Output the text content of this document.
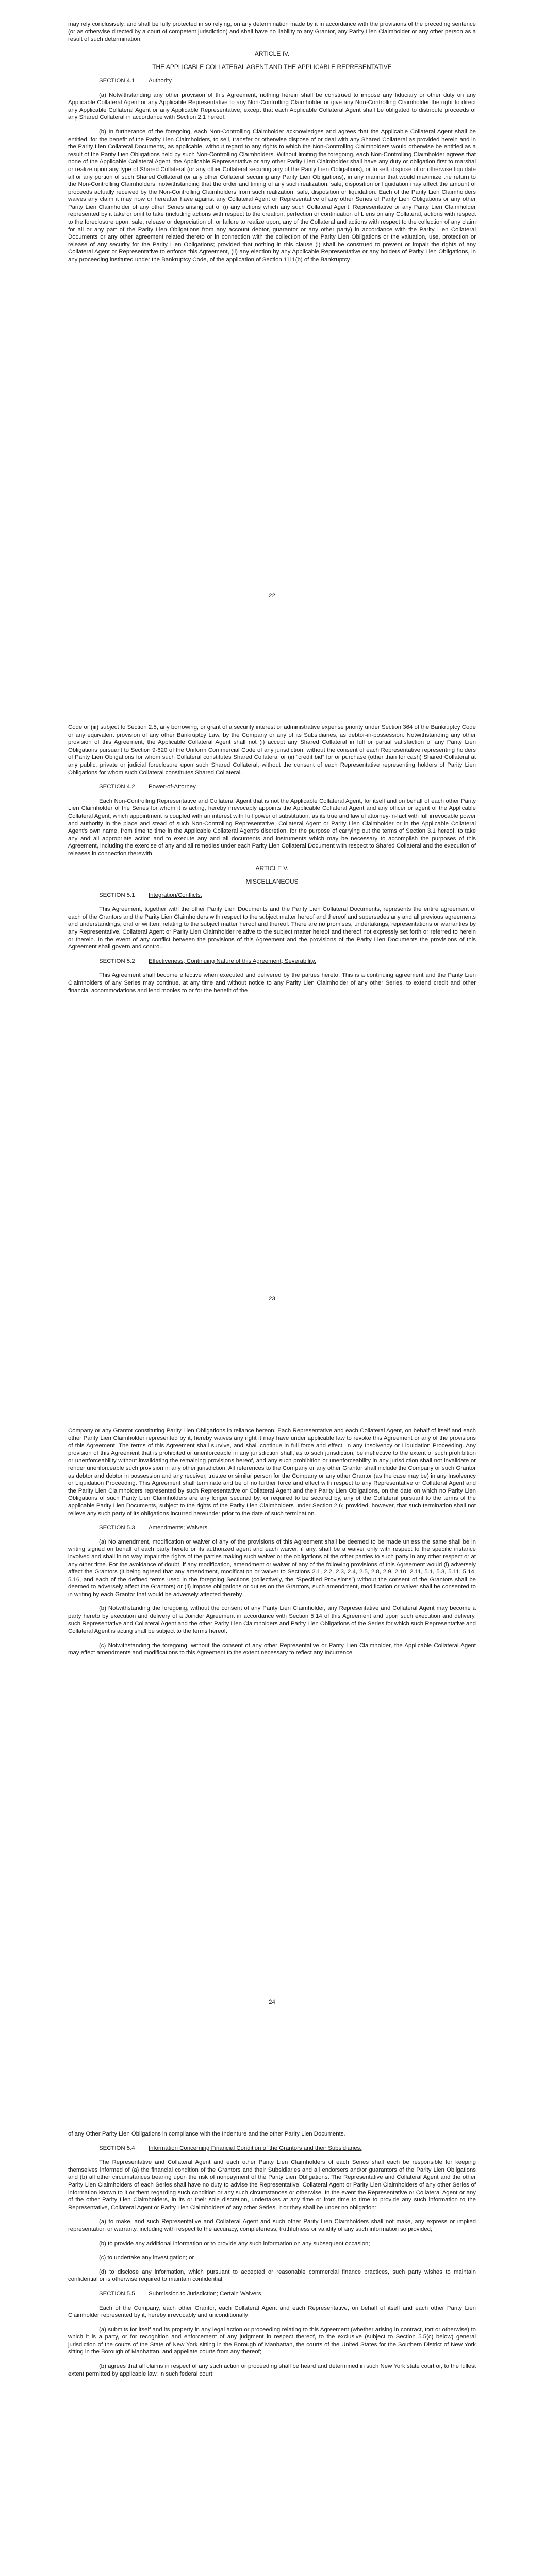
may rely conclusively, and shall be fully protected in so relying, on any determination made by it in accordance with the provisions of the preceding sentence (or as otherwise directed by a court of competent jurisdiction) and shall have no liability to any Grantor, any Parity Lien Claimholder or any other person as a result of such determination.

ARTICLE IV.
THE APPLICABLE COLLATERAL AGENT AND THE APPLICABLE REPRESENTATIVE
SECTION 4.1	Authority.

(a) Notwithstanding any other provision of this Agreement, nothing herein shall be construed to impose any fiduciary or other duty on any Applicable Collateral Agent or any Applicable Representative to any Non-Controlling Claimholder or give any Non-Controlling Claimholder the right to direct any Applicable Collateral Agent or any Applicable Representative, except that each Applicable Collateral Agent shall be obligated to distribute proceeds of any Shared Collateral in accordance with Section 2.1 hereof.

(b) In furtherance of the foregoing, each Non-Controlling Claimholder acknowledges and agrees that the Applicable Collateral Agent shall be entitled, for the benefit of the Parity Lien Claimholders, to sell, transfer or otherwise dispose of or deal with any Shared Collateral as provided herein and in the Parity Lien Collateral Documents, as applicable, without regard to any rights to which the Non-Controlling Claimholders would otherwise be entitled as a result of the Parity Lien Obligations held by such Non-Controlling Claimholders. Without limiting the foregoing, each Non-Controlling Claimholder agrees that none of the Applicable Collateral Agent, the Applicable Representative or any other Parity Lien Claimholder shall have any duty or obligation first to marshal or realize upon any type of Shared Collateral (or any other Collateral securing any of the Parity Lien Obligations), or to sell, dispose of or otherwise liquidate all or any portion of such Shared Collateral (or any other Collateral securing any Parity Lien Obligations), in any manner that would maximize the return to the Non-Controlling Claimholders, notwithstanding that the order and timing of any such realization, sale, disposition or liquidation may affect the amount of proceeds actually received by the Non-Controlling Claimholders from such realization, sale, disposition or liquidation. Each of the Parity Lien Claimholders waives any claim it may now or hereafter have against any Collateral Agent or Representative of any other Series of Parity Lien Obligations or any other Parity Lien Claimholder of any other Series arising out of (i) any actions which any such Collateral Agent, Representative or any Parity Lien Claimholder represented by it take or omit to take (including actions with respect to the creation, perfection or continuation of Liens on any Collateral, actions with respect to the foreclosure upon, sale, release or depreciation of, or failure to realize upon, any of the Collateral and actions with respect to the collection of any claim for all or any part of the Parity Lien Obligations from any account debtor, guarantor or any other party) in accordance with the Parity Lien Collateral Documents or any other agreement related thereto or in connection with the collection of the Parity Lien Obligations or the valuation, use, protection or release of any security for the Parity Lien Obligations; provided that nothing in this clause (i) shall be construed to prevent or impair the rights of any Collateral Agent or Representative to enforce this Agreement, (ii) any election by any Applicable Representative or any holders of Parity Lien Obligations, in any proceeding instituted under the Bankruptcy Code, of the application of Section 1111(b) of the Bankruptcy

22

Code or (iii) subject to Section 2.5, any borrowing, or grant of a security interest or administrative expense priority under Section 364 of the Bankruptcy Code or any equivalent provision of any other Bankruptcy Law, by the Company or any of its Subsidiaries, as debtor-in-possession. Notwithstanding any other provision of this Agreement, the Applicable Collateral Agent shall not (i) accept any Shared Collateral in full or partial satisfaction of any Parity Lien Obligations pursuant to Section 9-620 of the Uniform Commercial Code of any jurisdiction, without the consent of each Representative representing holders of Parity Lien Obligations for whom such Collateral constitutes Shared Collateral or (ii) “credit bid” for or purchase (other than for cash) Shared Collateral at any public, private or judicial foreclosure upon such Shared Collateral, without the consent of each Representative representing holders of Parity Lien Obligations for whom such Collateral constitutes Shared Collateral.

SECTION 4.2	Power-of-Attorney.

Each Non-Controlling Representative and Collateral Agent that is not the Applicable Collateral Agent, for itself and on behalf of each other Parity Lien Claimholder of the Series for whom it is acting, hereby irrevocably appoints the Applicable Collateral Agent and any officer or agent of the Applicable Collateral Agent, which appointment is coupled with an interest with full power of substitution, as its true and lawful attorney-in-fact with full irrevocable power and authority in the place and stead of such Non-Controlling Representative, Collateral Agent or Parity Lien Claimholder or in the Applicable Collateral Agent’s own name, from time to time in the Applicable Collateral Agent’s discretion, for the purpose of carrying out the terms of Section 3.1 hereof, to take any and all appropriate action and to execute any and all documents and instruments which may be necessary to accomplish the purposes of this Agreement, including the exercise of any and all remedies under each Parity Lien Collateral Document with respect to Shared Collateral and the execution of releases in connection therewith.

ARTICLE V.
MISCELLANEOUS
SECTION 5.1	Integration/Conflicts.

This Agreement, together with the other Parity Lien Documents and the Parity Lien Collateral Documents, represents the entire agreement of each of the Grantors and the Parity Lien Claimholders with respect to the subject matter hereof and thereof and supersedes any and all previous agreements and understandings, oral or written, relating to the subject matter hereof and thereof. There are no promises, undertakings, representations or warranties by any Representative, Collateral Agent or Parity Lien Claimholder relative to the subject matter hereof and thereof not expressly set forth or referred to herein or therein. In the event of any conflict between the provisions of this Agreement and the provisions of the Parity Lien Documents the provisions of this Agreement shall govern and control.

SECTION 5.2	Effectiveness; Continuing Nature of this Agreement; Severability.

This Agreement shall become effective when executed and delivered by the parties hereto. This is a continuing agreement and the Parity Lien Claimholders of any Series may continue, at any time and without notice to any Parity Lien Claimholder of any other Series, to extend credit and other financial accommodations and lend monies to or for the benefit of the

23

Company or any Grantor constituting Parity Lien Obligations in reliance hereon. Each Representative and each Collateral Agent, on behalf of itself and each other Parity Lien Claimholder represented by it, hereby waives any right it may have under applicable law to revoke this Agreement or any of the provisions of this Agreement. The terms of this Agreement shall survive, and shall continue in full force and effect, in any Insolvency or Liquidation Proceeding. Any provision of this Agreement that is prohibited or unenforceable in any jurisdiction shall, as to such jurisdiction, be ineffective to the extent of such prohibition or unenforceability without invalidating the remaining provisions hereof, and any such prohibition or unenforceability in any jurisdiction shall not invalidate or render unenforceable such provision in any other jurisdiction. All references to the Company or any other Grantor shall include the Company or such Grantor as debtor and debtor in possession and any receiver, trustee or similar person for the Company or any other Grantor (as the case may be) in any Insolvency or Liquidation Proceeding. This Agreement shall terminate and be of no further force and effect with respect to any Representative or Collateral Agent and the Parity Lien Claimholders represented by such Representative or Collateral Agent and their Parity Lien Obligations, on the date on which no Parity Lien Obligations of such Parity Lien Claimholders are any longer secured by, or required to be secured by, any of the Collateral pursuant to the terms of the applicable Parity Lien Documents, subject to the rights of the Parity Lien Claimholders under Section 2.6; provided, however, that such termination shall not relieve any such party of its obligations incurred hereunder prior to the date of such termination.

SECTION 5.3	Amendments; Waivers.

(a) No amendment, modification or waiver of any of the provisions of this Agreement shall be deemed to be made unless the same shall be in writing signed on behalf of each party hereto or its authorized agent and each waiver, if any, shall be a waiver only with respect to the specific instance involved and shall in no way impair the rights of the parties making such waiver or the obligations of the other parties to such party in any other respect or at any other time. For the avoidance of doubt, if any modification, amendment or waiver of any of the following provisions of this Agreement would (i) adversely affect the Grantors (it being agreed that any amendment, modification or waiver to Sections 2.1, 2.2, 2.3, 2.4, 2.5, 2.8, 2.9, 2.10, 2.11, 5.1, 5.3, 5.11, 5.14, 5.16, and each of the defined terms used in the foregoing Sections (collectively, the “Specified Provisions”) without the consent of the Grantors shall be deemed to adversely affect the Grantors) or (ii) impose obligations or duties on the Grantors, such amendment, modification or waiver shall be consented to in writing by each Grantor that would be adversely affected thereby.

(b) Notwithstanding the foregoing, without the consent of any Parity Lien Claimholder, any Representative and Collateral Agent may become a party hereto by execution and delivery of a Joinder Agreement in accordance with Section 5.14 of this Agreement and upon such execution and delivery, such Representative and Collateral Agent and the other Parity Lien Claimholders and Parity Lien Obligations of the Series for which such Representative and Collateral Agent is acting shall be subject to the terms hereof.

(c) Notwithstanding the foregoing, without the consent of any other Representative or Parity Lien Claimholder, the Applicable Collateral Agent may effect amendments and modifications to this Agreement to the extent necessary to reflect any Incurrence

24

of any Other Parity Lien Obligations in compliance with the Indenture and the other Parity Lien Documents.

SECTION 5.4	Information Concerning Financial Condition of the Grantors and their Subsidiaries.

The Representative and Collateral Agent and each other Parity Lien Claimholders of each Series shall each be responsible for keeping themselves informed of (a) the financial condition of the Grantors and their Subsidiaries and all endorsers and/or guarantors of the Parity Lien Obligations and (b) all other circumstances bearing upon the risk of nonpayment of the Parity Lien Obligations. The Representative and Collateral Agent and the other Parity Lien Claimholders of each Series shall have no duty to advise the Representative, Collateral Agent or Parity Lien Claimholders of any other Series of information known to it or them regarding such condition or any such circumstances or otherwise. In the event the Representative or Collateral Agent or any of the other Parity Lien Claimholders, in its or their sole discretion, undertakes at any time or from time to time to provide any such information to the Representative, Collateral Agent or Parity Lien Claimholders of any other Series, it or they shall be under no obligation:

(a) to make, and such Representative and Collateral Agent and such other Parity Lien Claimholders shall not make, any express or implied representation or warranty, including with respect to the accuracy, completeness, truthfulness or validity of any such information so provided;

(b) to provide any additional information or to provide any such information on any subsequent occasion;

(c) to undertake any investigation; or

(d) to disclose any information, which pursuant to accepted or reasonable commercial finance practices, such party wishes to maintain confidential or is otherwise required to maintain confidential.

SECTION 5.5	Submission to Jurisdiction; Certain Waivers.

Each of the Company, each other Grantor, each Collateral Agent and each Representative, on behalf of itself and each other Parity Lien Claimholder represented by it, hereby irrevocably and unconditionally:

(a) submits for itself and its property in any legal action or proceeding relating to this Agreement (whether arising in contract, tort or otherwise) to which it is a party, or for recognition and enforcement of any judgment in respect thereof, to the exclusive (subject to Section 5.5(c) below) general jurisdiction of the courts of the State of New York sitting in the Borough of Manhattan, the courts of the United States for the Southern District of New York sitting in the Borough of Manhattan, and appellate courts from any thereof;

(b) agrees that all claims in respect of any such action or proceeding shall be heard and determined in such New York state court or, to the fullest extent permitted by applicable law, in such federal court;
